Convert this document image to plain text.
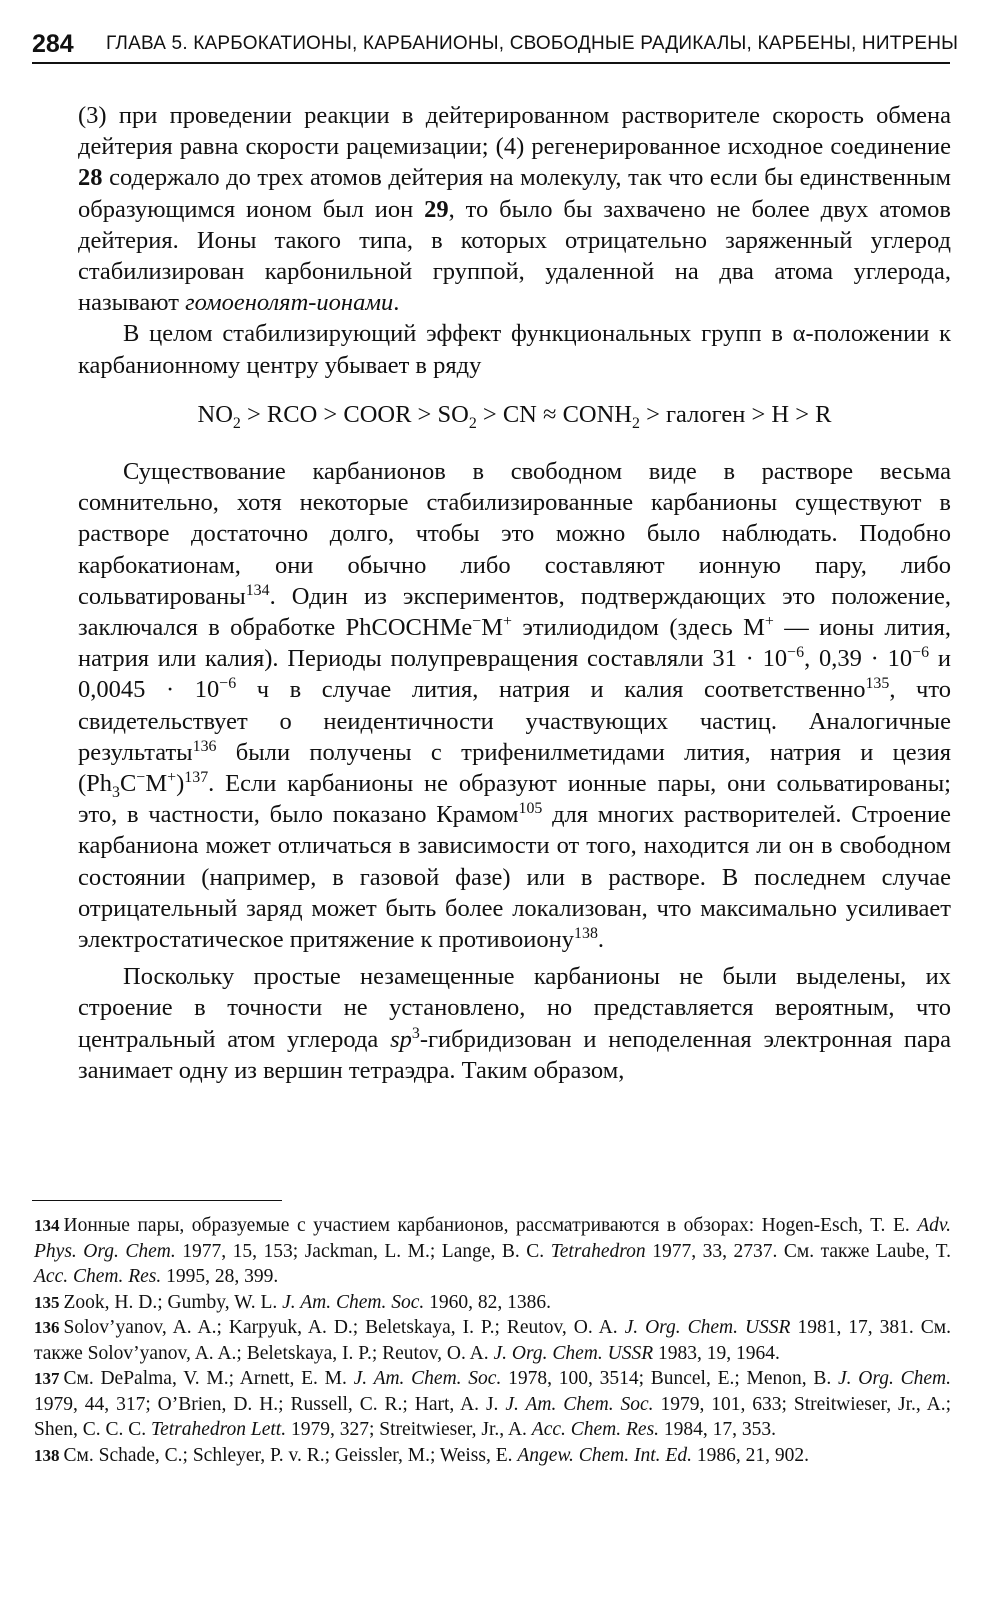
284 ГЛАВА 5. КАРБОКАТИОНЫ, КАРБАНИОНЫ, СВОБОДНЫЕ РАДИКАЛЫ, КАРБЕНЫ, НИТРЕНЫ

(3) при проведении реакции в дейтерированном растворителе скорость обмена дейтерия равна скорости рацемизации; (4) регенерированное исходное соединение 28 содержало до трех атомов дейтерия на молекулу, так что если бы единственным образующимся ионом был ион 29, то было бы захвачено не более двух атомов дейтерия. Ионы такого типа, в которых отрицательно заряженный углерод стабилизирован карбонильной группой, удаленной на два атома углерода, называют гомоенолят-ионами.

В целом стабилизирующий эффект функциональных групп в α-положении к карбанионному центру убывает в ряду

$NO_2$ > RCO > COOR > $SO_2$ > CN ≈ $CONH_2$ > галоген > H > R

Существование карбанионов в свободном виде в растворе весьма сомнительно, хотя некоторые стабилизированные карбанионы существуют в растворе достаточно долго, чтобы это можно было наблюдать. Подобно карбокатионам, они обычно либо составляют ионную пару, либо сольватированы$^{134}$. Один из экспериментов, подтверждающих это положение, заключался в обработке PhCOCHMe−M+ этилиодидом (здесь M+ — ионы лития, натрия или калия). Периоды полупревращения составляли $31 \cdot 10^{-6}$, $0,39 \cdot 10^{-6}$ и $0,0045 \cdot 10^{-6}$ ч в случае лития, натрия и калия соответственно$^{135}$, что свидетельствует о неидентичности участвующих частиц. Аналогичные результаты$^{136}$ были получены с трифенилметидами лития, натрия и цезия $(Ph_3C^-M^+)^{137}$. Если карбанионы не образуют ионные пары, они сольватированы; это, в частности, было показано Крамом$^{105}$ для многих растворителей. Строение карбаниона может отличаться в зависимости от того, находится ли он в свободном состоянии (например, в газовой фазе) или в растворе. В последнем случае отрицательный заряд может быть более локализован, что максимально усиливает электростатическое притяжение к противоиону$^{138}$.

Поскольку простые незамещенные карбанионы не были выделены, их строение в точности не установлено, но представляется вероятным, что центральный атом углерода $sp^3$-гибридизован и неподеленная электронная пара занимает одну из вершин тетраэдра. Таким образом,

134 Ионные пары, образуемые с участием карбанионов, рассматриваются в обзорах: Hogen-Esch, T. E. Adv. Phys. Org. Chem. 1977, 15, 153; Jackman, L. M.; Lange, B. C. Tetrahedron 1977, 33, 2737. См. также Laube, T. Acc. Chem. Res. 1995, 28, 399.

135 Zook, H. D.; Gumby, W. L. J. Am. Chem. Soc. 1960, 82, 1386.

136 Solov’yanov, A. A.; Karpyuk, A. D.; Beletskaya, I. P.; Reutov, O. A. J. Org. Chem. USSR 1981, 17, 381. См. также Solov’yanov, A. A.; Beletskaya, I. P.; Reutov, O. A. J. Org. Chem. USSR 1983, 19, 1964.

137 См. DePalma, V. M.; Arnett, E. M. J. Am. Chem. Soc. 1978, 100, 3514; Buncel, E.; Menon, B. J. Org. Chem. 1979, 44, 317; O’Brien, D. H.; Russell, C. R.; Hart, A. J. J. Am. Chem. Soc. 1979, 101, 633; Streitwieser, Jr., A.; Shen, C. C. C. Tetrahedron Lett. 1979, 327; Streitwieser, Jr., A. Acc. Chem. Res. 1984, 17, 353.

138 См. Schade, C.; Schleyer, P. v. R.; Geissler, M.; Weiss, E. Angew. Chem. Int. Ed. 1986, 21, 902.
